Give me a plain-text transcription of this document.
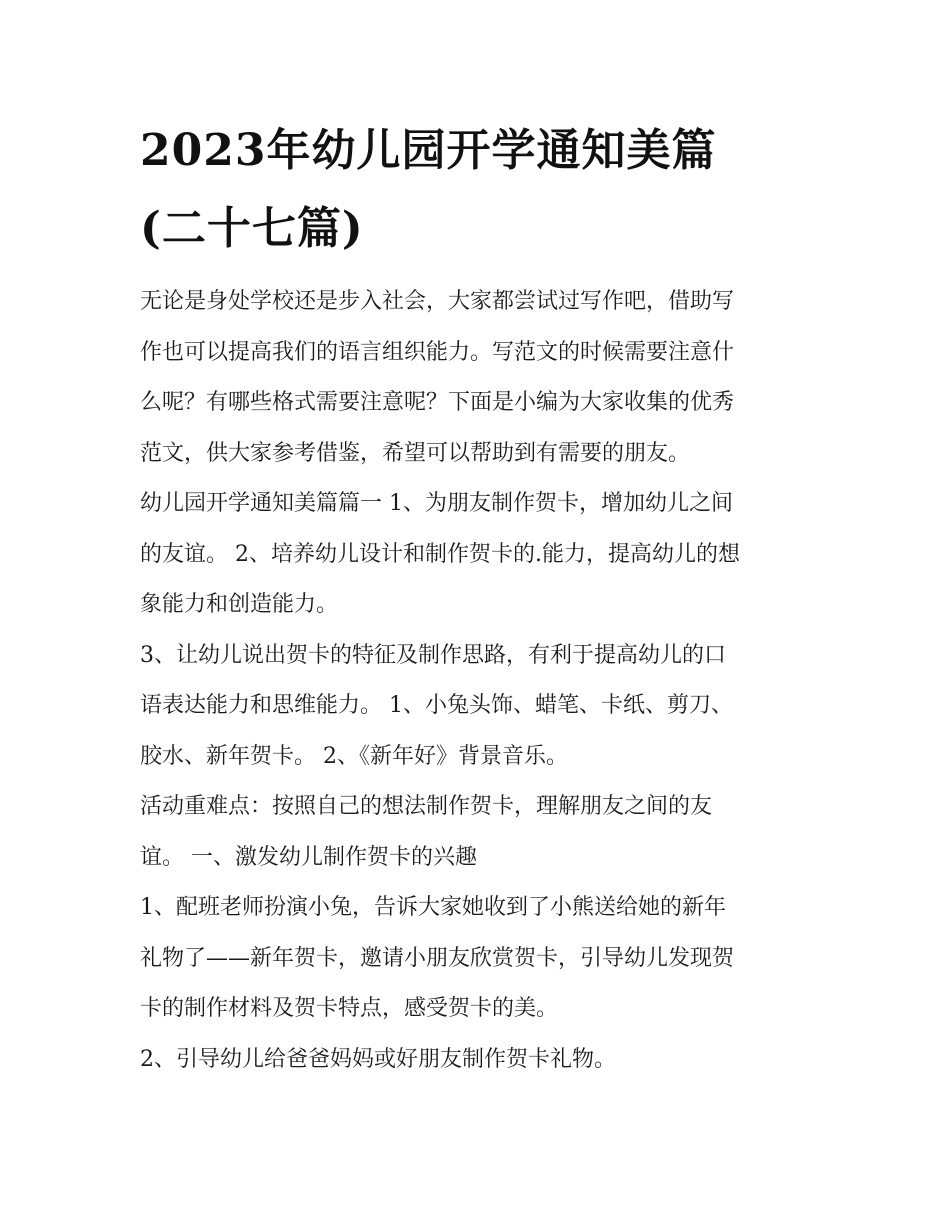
2023年幼儿园开学通知美篇
(二十七篇)

无论是身处学校还是步入社会，大家都尝试过写作吧，借助写
作也可以提高我们的语言组织能力。写范文的时候需要注意什
么呢？有哪些格式需要注意呢？下面是小编为大家收集的优秀
范文，供大家参考借鉴，希望可以帮助到有需要的朋友。

幼儿园开学通知美篇篇一 1、为朋友制作贺卡，增加幼儿之间
的友谊。 2、培养幼儿设计和制作贺卡的.能力，提高幼儿的想
象能力和创造能力。

3、让幼儿说出贺卡的特征及制作思路，有利于提高幼儿的口
语表达能力和思维能力。 1、小兔头饰、蜡笔、卡纸、剪刀、
胶水、新年贺卡。 2、《新年好》背景音乐。

活动重难点：按照自己的想法制作贺卡，理解朋友之间的友
谊。 一、激发幼儿制作贺卡的兴趣

1、配班老师扮演小兔，告诉大家她收到了小熊送给她的新年
礼物了——新年贺卡，邀请小朋友欣赏贺卡，引导幼儿发现贺
卡的制作材料及贺卡特点，感受贺卡的美。

2、引导幼儿给爸爸妈妈或好朋友制作贺卡礼物。
